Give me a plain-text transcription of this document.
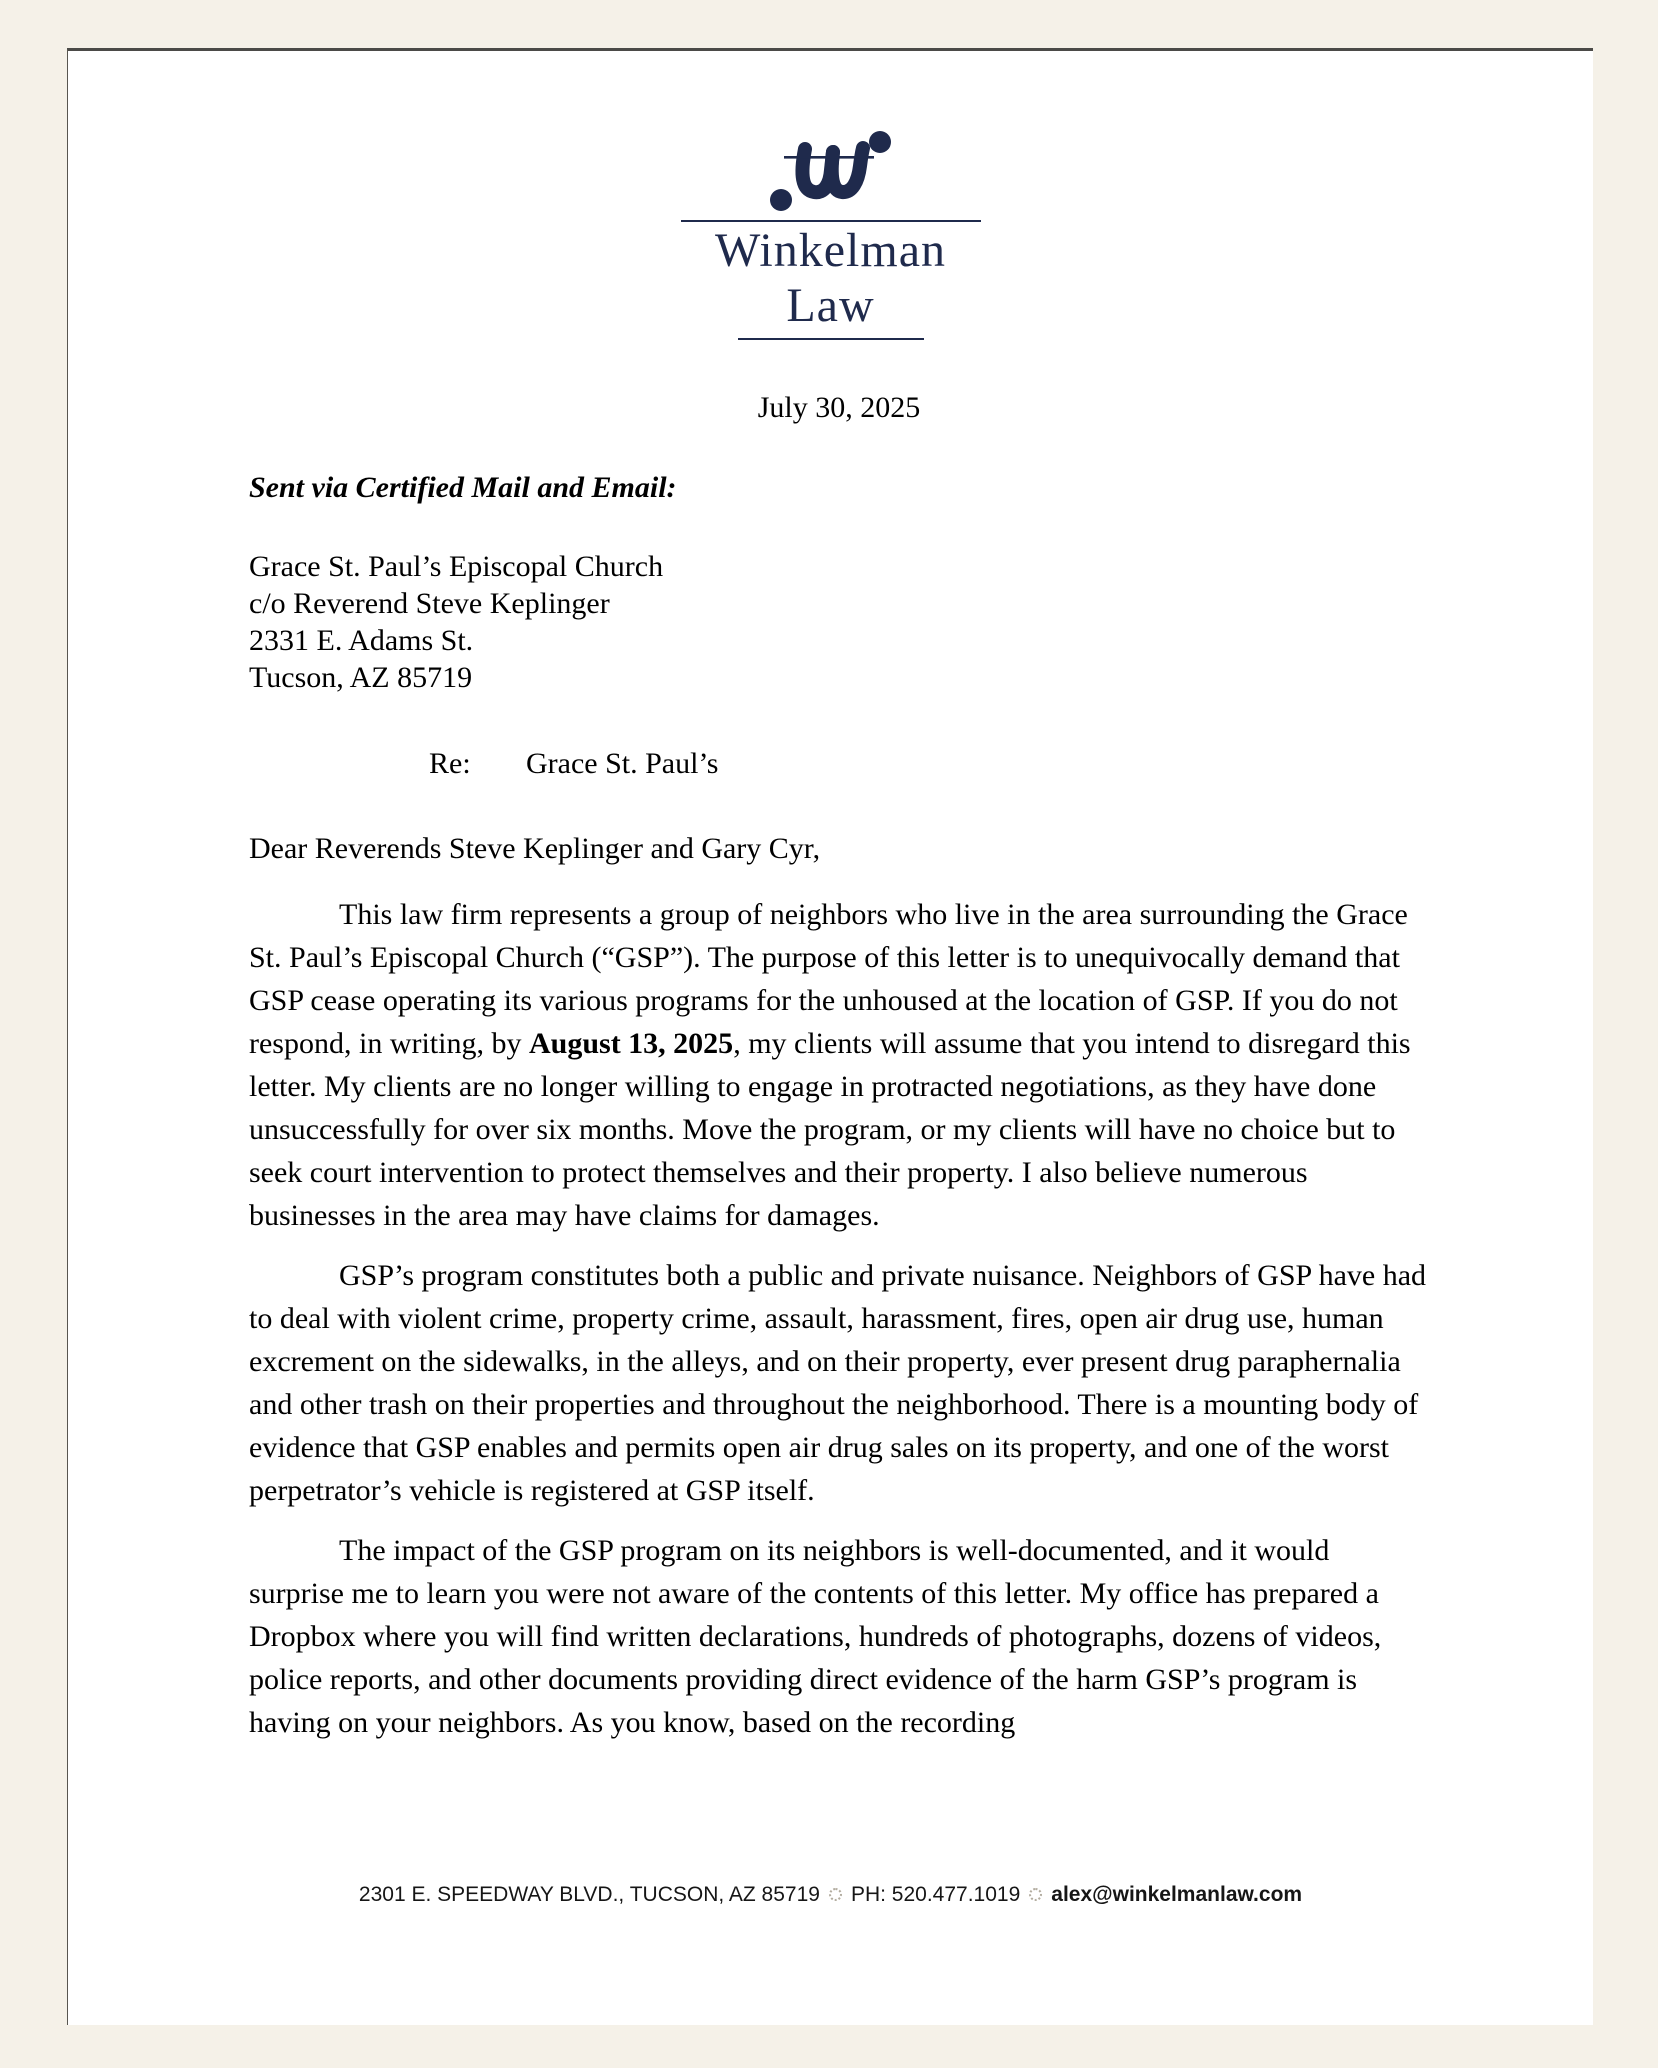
Winkelman
Law
July 30, 2025
Sent via Certified Mail and Email:
Grace St. Paul’s Episcopal Church
c/o Reverend Steve Keplinger
2331 E. Adams St.
Tucson, AZ 85719
Re: Grace St. Paul’s
Dear Reverends Steve Keplinger and Gary Cyr,

This law firm represents a group of neighbors who live in the area surrounding the Grace St. Paul’s Episcopal Church (“GSP”). The purpose of this letter is to unequivocally demand that GSP cease operating its various programs for the unhoused at the location of GSP. If you do not respond, in writing, by August 13, 2025, my clients will assume that you intend to disregard this letter. My clients are no longer willing to engage in protracted negotiations, as they have done unsuccessfully for over six months. Move the program, or my clients will have no choice but to seek court intervention to protect themselves and their property. I also believe numerous businesses in the area may have claims for damages.

GSP’s program constitutes both a public and private nuisance. Neighbors of GSP have had to deal with violent crime, property crime, assault, harassment, fires, open air drug use, human excrement on the sidewalks, in the alleys, and on their property, ever present drug paraphernalia and other trash on their properties and throughout the neighborhood. There is a mounting body of evidence that GSP enables and permits open air drug sales on its property, and one of the worst perpetrator’s vehicle is registered at GSP itself.

The impact of the GSP program on its neighbors is well-documented, and it would surprise me to learn you were not aware of the contents of this letter. My office has prepared a Dropbox where you will find written declarations, hundreds of photographs, dozens of videos, police reports, and other documents providing direct evidence of the harm GSP’s program is having on your neighbors. As you know, based on the recording

2301 E. SPEEDWAY BLVD., TUCSON, AZ 85719 PH: 520.477.1019 alex@winkelmanlaw.com
